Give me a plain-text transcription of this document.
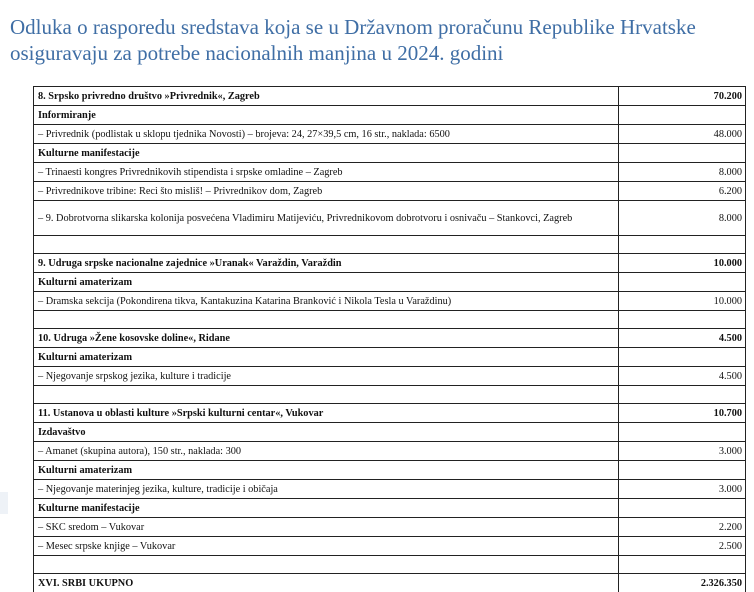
Odluka o rasporedu sredstava koja se u Državnom proračunu Republike Hrvatske osiguravaju za potrebe nacionalnih manjina u 2024. godini
8. Srpsko privredno društvo »Privrednik«, Zagreb	70.200
Informiranje	
– Privrednik (podlistak u sklopu tjednika Novosti) – brojeva: 24, 27×39,5 cm, 16 str., naklada: 6500	48.000
Kulturne manifestacije	
– Trinaesti kongres Privrednikovih stipendista i srpske omladine – Zagreb	8.000
– Privrednikove tribine: Reci što misliš! – Privrednikov dom, Zagreb	6.200
– 9. Dobrotvorna slikarska kolonija posvećena Vladimiru Matijeviću, Privrednikovom dobrotvoru i osnivaču – Stankovci, Zagreb	8.000

9. Udruga srpske nacionalne zajednice »Uranak« Varaždin, Varaždin	10.000
Kulturni amaterizam	
– Dramska sekcija (Pokondirena tikva, Kantakuzina Katarina Branković i Nikola Tesla u Varaždinu)	10.000

10. Udruga »Žene kosovske doline«, Ridane	4.500
Kulturni amaterizam	
– Njegovanje srpskog jezika, kulture i tradicije	4.500

11. Ustanova u oblasti kulture »Srpski kulturni centar«, Vukovar	10.700
Izdavaštvo	
– Amanet (skupina autora), 150 str., naklada: 300	3.000
Kulturni amaterizam	
– Njegovanje materinjeg jezika, kulture, tradicije i običaja	3.000
Kulturne manifestacije	
– SKC sredom – Vukovar	2.200
– Mesec srpske knjige – Vukovar	2.500

XVI. SRBI UKUPNO	2.326.350
